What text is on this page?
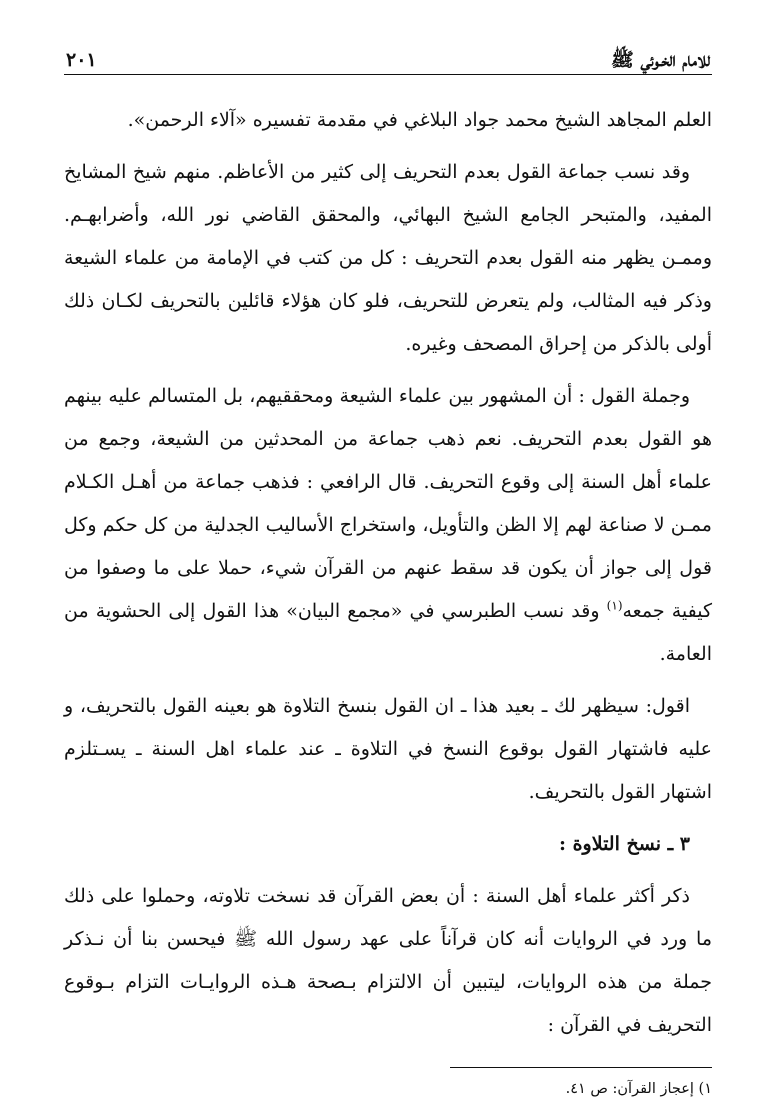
للامام الخـوئي ﷺ
٢٠١

العلم المجاهد الشيخ محمد جواد البلاغي في مقدمة تفسيره «آلاء الرحمن».

وقد نسب جماعة القول بعدم التحريف إلى كثير من الأعاظم. منهم شيخ المشايخ المفيد، والمتبحر الجامع الشيخ البهائي، والمحقق القاضي نور الله، وأضرابهـم. وممـن يظهر منه القول بعدم التحريف : كل من كتب في الإمامة من علماء الشيعة وذكر فيه المثالب، ولم يتعرض للتحريف، فلو كان هؤلاء قائلين بالتحريف لكـان ذلك أولى بالذكر من إحراق المصحف وغيره.

وجملة القول : أن المشهور بين علماء الشيعة ومحققيهم، بل المتسالم عليه بينهم هو القول بعدم التحريف. نعم ذهب جماعة من المحدثين من الشيعة، وجمع من علماء أهل السنة إلى وقوع التحريف. قال الرافعي : فذهب جماعة من أهـل الكـلام ممـن لا صناعة لهم إلا الظن والتأويل، واستخراج الأساليب الجدلية من كل حكم وكل قول إلى جواز أن يكون قد سقط عنهم من القرآن شيء، حملا على ما وصفوا من كيفية جمعه$^{(١)}$ وقد نسب الطبرسي في «مجمع البيان» هذا القول إلى الحشوية من العامة.

اقول: سيظهر لك ـ بعيد هذا ـ ان القول بنسخ التلاوة هو بعينه القول بالتحريف، و عليه فاشتهار القول بوقوع النسخ في التلاوة ـ عند علماء اهل السنة ـ يسـتلزم اشتهار القول بالتحريف.

٣ ـ نسخ التلاوة :

ذكر أكثر علماء أهل السنة : أن بعض القرآن قد نسخت تلاوته، وحملوا على ذلك ما ورد في الروايات أنه كان قرآناً على عهد رسول الله ﷺ فيحسن بنا أن نـذكر جملة من هذه الروايات، ليتبين أن الالتزام بـصحة هـذه الروايـات التزام بـوقوع التحريف في القرآن :

١) إعجاز القرآن: ص ٤١.
